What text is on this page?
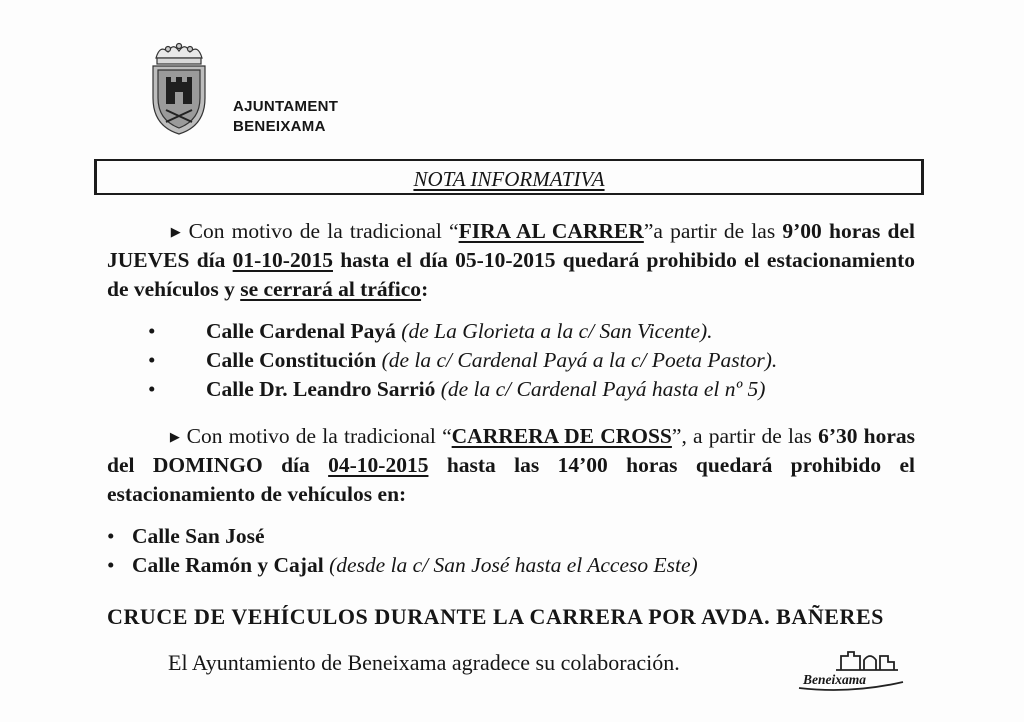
AJUNTAMENT
BENEIXAMA
NOTA INFORMATIVA
▶ Con motivo de la tradicional “FIRA AL CARRER”a partir de las 9’00 horas del JUEVES día 01-10-2015 hasta el día 05-10-2015 quedará prohibido el estacionamiento de vehículos y se cerrará al tráfico:
• Calle Cardenal Payá (de La Glorieta a la c/ San Vicente).
• Calle Constitución (de la c/ Cardenal Payá a la c/ Poeta Pastor).
• Calle Dr. Leandro Sarrió (de la c/ Cardenal Payá hasta el nº 5)
▶ Con motivo de la tradicional “CARRERA DE CROSS”, a partir de las 6’30 horas del DOMINGO día 04-10-2015 hasta las 14’00 horas quedará prohibido el estacionamiento de vehículos en:
• Calle San José
• Calle Ramón y Cajal (desde la c/ San José hasta el Acceso Este)
CRUCE DE VEHÍCULOS DURANTE LA CARRERA POR AVDA. BAÑERES
El Ayuntamiento de Beneixama agradece su colaboración.
Beneixama
